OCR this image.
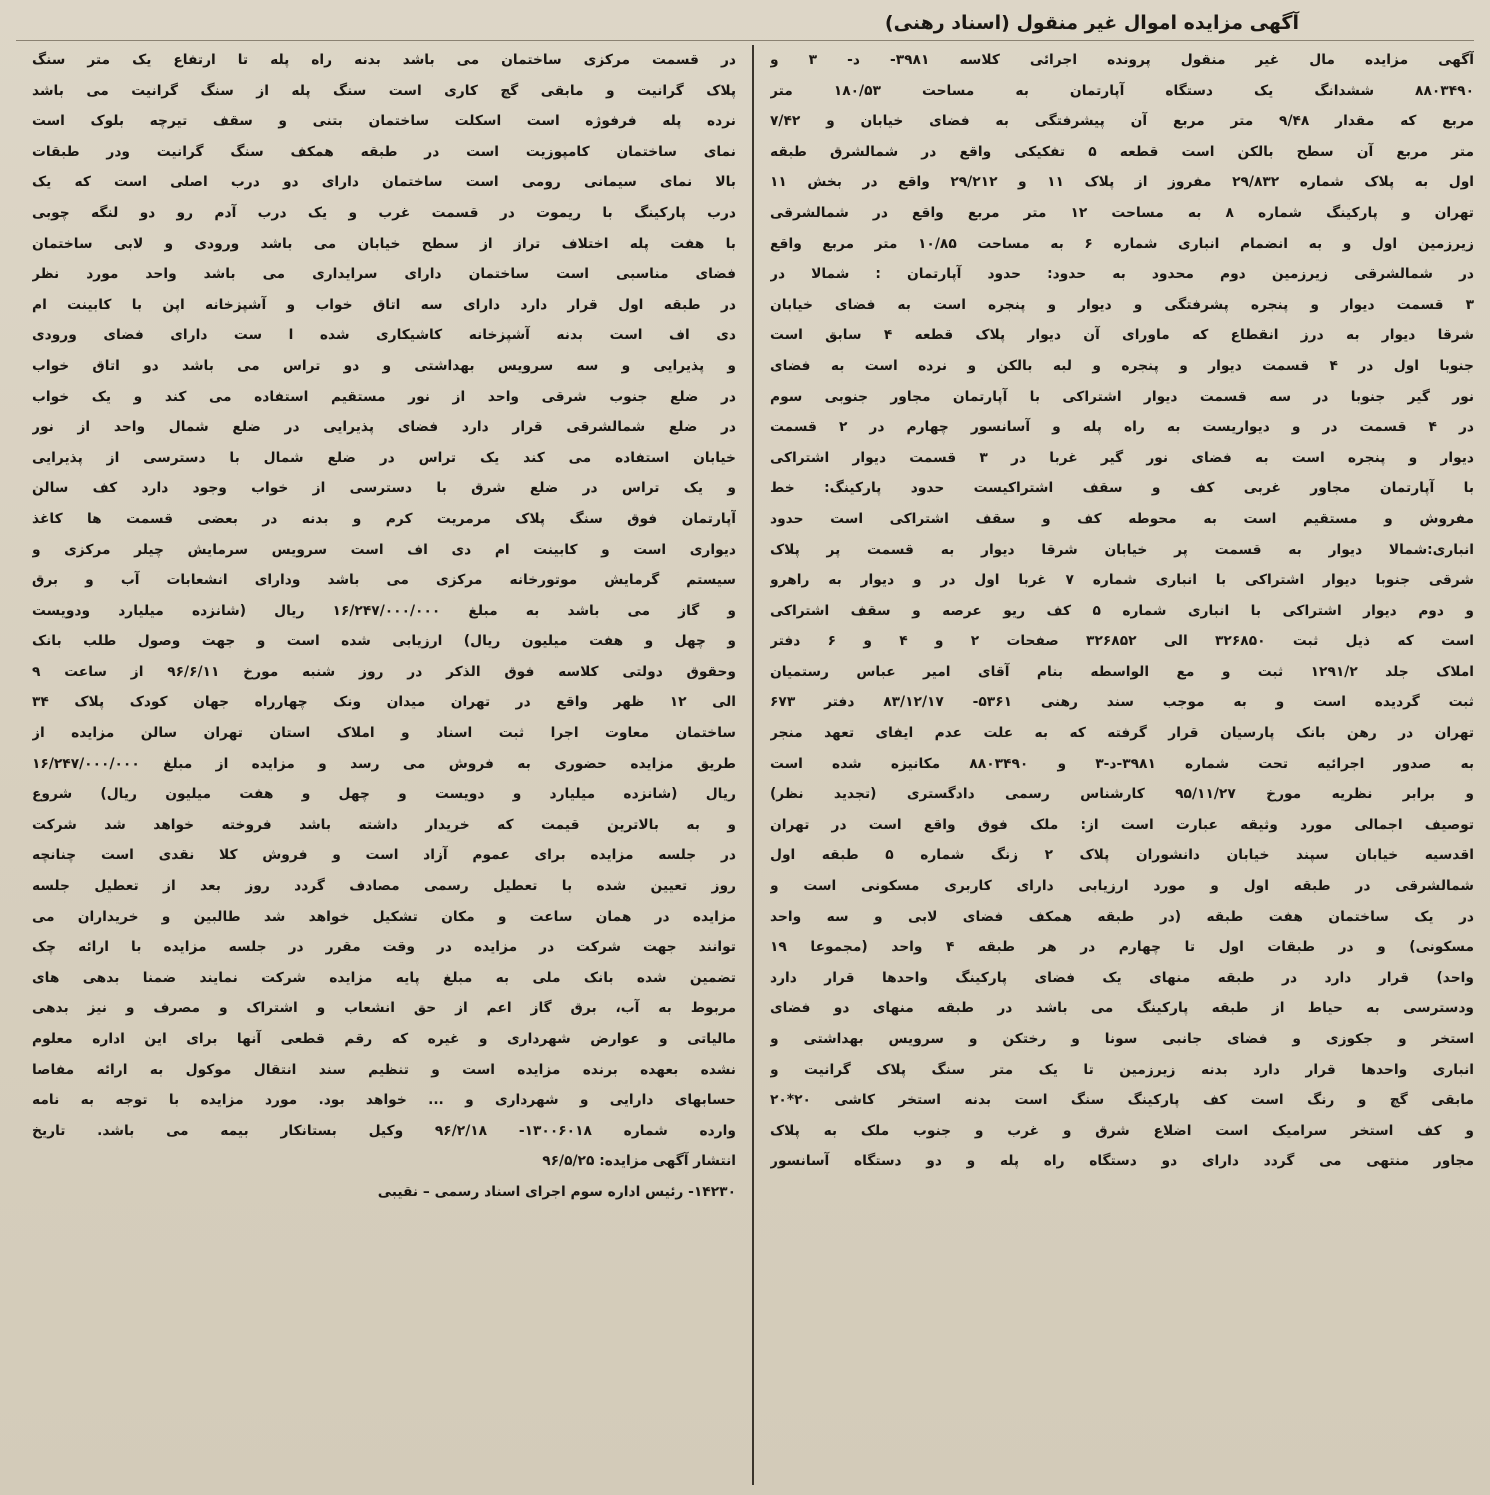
آگهی مزایده اموال غیر منقول (اسناد رهنی)
آگهی مزایده مال غیر منقول پرونده اجرائی کلاسه ۳۹۸۱- د- ۳ و
۸۸۰۳۴۹۰ ششدانگ یک دستگاه آپارتمان به مساحت ۱۸۰/۵۳ متر
مربع که مقدار ۹/۴۸ متر مربع آن پیشرفتگی به فضای خیابان و ۷/۴۲
متر مربع آن سطح بالکن است قطعه ۵ تفکیکی واقع در شمالشرق طبقه
اول به پلاک شماره ۲۹/۸۳۲ مفروز از پلاک ۱۱ و ۲۹/۲۱۲ واقع در بخش ۱۱
تهران و پارکینگ شماره ۸ به مساحت ۱۲ متر مربع واقع در شمالشرقی
زیرزمین اول و به انضمام انباری شماره ۶ به مساحت ۱۰/۸۵ متر مربع واقع
در شمالشرقی زیرزمین دوم محدود به حدود: حدود آپارتمان : شمالا در
۳ قسمت دیوار و پنجره پشرفتگی و دیوار و پنجره است به فضای خیابان
شرقا دیوار به درز انقطاع که ماورای آن دیوار پلاک قطعه ۴ سابق است
جنوبا اول در ۴ قسمت دیوار و پنجره و لبه بالکن و نرده است به فضای
نور گیر جنوبا در سه قسمت دیوار اشتراکی با آپارتمان مجاور جنوبی سوم
در ۴ قسمت در و دیواریست به راه پله و آسانسور چهارم در ۲ قسمت
دیوار و پنجره است به فضای نور گیر غربا در ۳ قسمت دیوار اشتراکی
با آپارتمان مجاور غربی کف و سقف اشتراکیست حدود پارکینگ: خط
مفروش و مستقیم است به محوطه کف و سقف اشتراکی است حدود
انباری:شمالا دیوار به قسمت پر خیابان شرقا دیوار به قسمت پر پلاک
شرقی جنوبا دیوار اشتراکی با انباری شماره ۷ غربا اول در و دیوار به راهرو
و دوم دیوار اشتراکی با انباری شماره ۵ کف ریو عرصه و سقف اشتراکی
است که ذیل ثبت ۳۲۶۸۵۰ الی ۳۲۶۸۵۲ صفحات ۲ و ۴ و ۶ دفتر
املاک جلد ۱۲۹۱/۲ ثبت و مع الواسطه بنام آقای امیر عباس رستمیان
ثبت گردیده است و به موجب سند رهنی ۵۳۶۱- ۸۳/۱۲/۱۷ دفتر ۶۷۳
تهران در رهن بانک پارسیان قرار گرفته که به علت عدم ایفای تعهد منجر
به صدور اجرائیه تحت شماره ۳۹۸۱-د-۳ و ۸۸۰۳۴۹۰ مکانیزه شده است
و برابر نظریه مورخ ۹۵/۱۱/۲۷ کارشناس رسمی دادگستری (تجدید نظر)
توصیف اجمالی مورد وثیقه عبارت است از: ملک فوق واقع است در تهران
اقدسیه خیابان سپند خیابان دانشوران پلاک ۲ زنگ شماره ۵ طبقه اول
شمالشرقی در طبقه اول و مورد ارزیابی دارای کاربری مسکونی است و
در یک ساختمان هفت طبقه (در طبقه همکف فضای لابی و سه واحد
مسکونی) و در طبقات اول تا چهارم در هر طبقه ۴ واحد (مجموعا ۱۹
واحد) قرار دارد در طبقه منهای یک فضای پارکینگ واحدها قرار دارد
ودسترسی به حیاط از طبقه پارکینگ می باشد در طبقه منهای دو فضای
استخر و جکوزی و فضای جانبی سونا و رختکن و سرویس بهداشتی و
انباری واحدها قرار دارد بدنه زیرزمین تا یک متر سنگ پلاک گرانیت و
مابقی گچ و رنگ است کف پارکینگ سنگ است بدنه استخر کاشی ۲۰*۲۰
و کف استخر سرامیک است اضلاع شرق و غرب و جنوب ملک به پلاک
مجاور منتهی می گردد دارای دو دستگاه راه پله و دو دستگاه آسانسور
در قسمت مرکزی ساختمان می باشد بدنه راه پله تا ارتفاع یک متر سنگ
پلاک گرانیت و مابقی گچ کاری است سنگ پله از سنگ گرانیت می باشد
نرده پله فرفوژه است اسکلت ساختمان بتنی و سقف تیرچه بلوک است
نمای ساختمان کامپوزیت است در طبقه همکف سنگ گرانیت ودر طبقات
بالا نمای سیمانی رومی است ساختمان دارای دو درب اصلی است که یک
درب پارکینگ با ریموت در قسمت غرب و یک درب آدم رو دو لنگه چوبی
با هفت پله اختلاف تراز از سطح خیابان می باشد ورودی و لابی ساختمان
فضای مناسبی است ساختمان دارای سرایداری می باشد واحد مورد نظر
در طبقه اول قرار دارد دارای سه اتاق خواب و آشپزخانه اپن با کابینت ام
دی اف است بدنه آشپزخانه کاشیکاری شده ا ست دارای فضای ورودی
و پذیرایی و سه سرویس بهداشتی و دو تراس می باشد دو اتاق خواب
در ضلع جنوب شرقی واحد از نور مستقیم استفاده می کند و یک خواب
در ضلع شمالشرقی قرار دارد فضای پذیرایی در ضلع شمال واحد از نور
خیابان استفاده می کند یک تراس در ضلع شمال با دسترسی از پذیرایی
و یک تراس در ضلع شرق با دسترسی از خواب وجود دارد کف سالن
آپارتمان فوق سنگ پلاک مرمریت کرم و بدنه در بعضی قسمت ها کاغذ
دیواری است و کابینت ام دی اف است سرویس سرمایش چیلر مرکزی و
سیستم گرمایش موتورخانه مرکزی می باشد ودارای انشعابات آب و برق
و گاز می باشد به مبلغ ۱۶/۲۴۷/۰۰۰/۰۰۰ ریال (شانزده میلیارد ودویست
و چهل و هفت میلیون ریال) ارزیابی شده است و جهت وصول طلب بانک
وحقوق دولتی کلاسه فوق الذکر در روز شنبه مورخ ۹۶/۶/۱۱ از ساعت ۹
الی ۱۲ ظهر واقع در تهران میدان ونک چهارراه جهان کودک پلاک ۳۴
ساختمان معاوت اجرا ثبت اسناد و املاک استان تهران سالن مزایده از
طریق مزایده حضوری به فروش می رسد و مزایده از مبلغ ۱۶/۲۴۷/۰۰۰/۰۰۰
ریال (شانزده میلیارد و دویست و چهل و هفت میلیون ریال) شروع
و به بالاترین قیمت که خریدار داشته باشد فروخته خواهد شد شرکت
در جلسه مزایده برای عموم آزاد است و فروش کلا نقدی است چنانچه
روز تعیین شده با تعطیل رسمی مصادف گردد روز بعد از تعطیل جلسه
مزایده در همان ساعت و مکان تشکیل خواهد شد طالبین و خریداران می
توانند جهت شرکت در مزایده در وقت مقرر در جلسه مزایده با ارائه چک
تضمین شده بانک ملی به مبلغ پایه مزایده شرکت نمایند ضمنا بدهی های
مربوط به آب، برق گاز اعم از حق انشعاب و اشتراک و مصرف و نیز بدهی
مالیاتی و عوارض شهرداری و غیره که رقم قطعی آنها برای این اداره معلوم
نشده بعهده برنده مزایده است و تنظیم سند انتقال موکول به ارائه مفاصا
حسابهای دارایی و شهرداری و ... خواهد بود. مورد مزایده با توجه به نامه
وارده شماره ۱۳۰۰۶۰۱۸- ۹۶/۲/۱۸ وکیل بستانکار بیمه می باشد. تاریخ
انتشار آگهی مزایده: ۹۶/۵/۲۵
۱۴۲۳۰- رئیس اداره سوم اجرای اسناد رسمی – نقیبی
